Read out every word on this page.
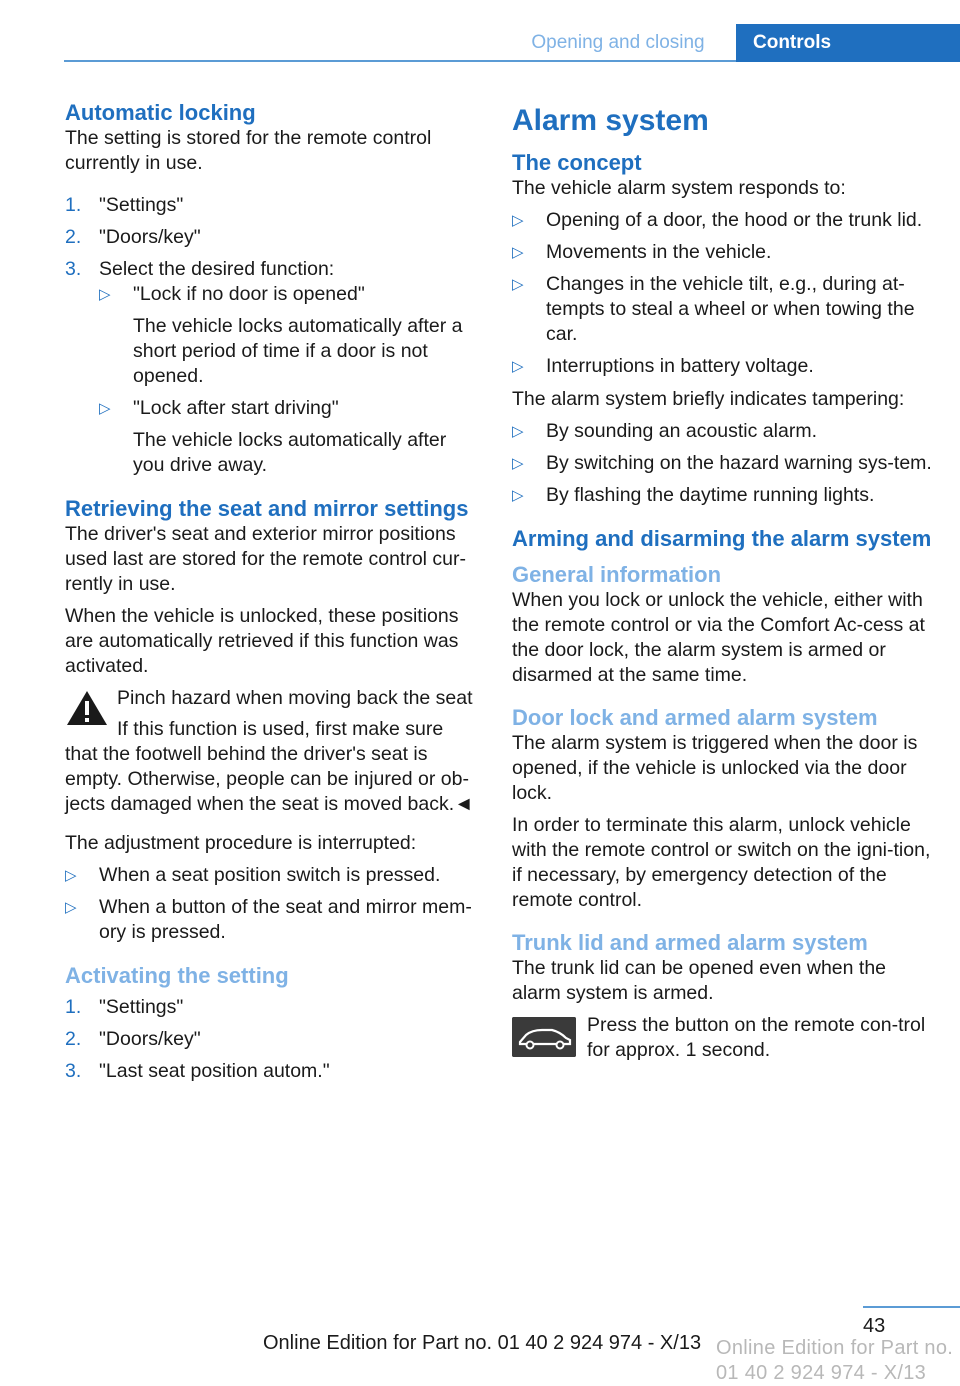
Opening and closing	Controls
Automatic locking

The setting is stored for the remote control currently in use.

1. "Settings"
2. "Doors/key"
3. Select the desired function:
▷ "Lock if no door is opened"
The vehicle locks automatically after a short period of time if a door is not opened.
▷ "Lock after start driving"
The vehicle locks automatically after you drive away.
Retrieving the seat and mirror settings

The driver's seat and exterior mirror positions used last are stored for the remote control cur‐rently in use.

When the vehicle is unlocked, these positions are automatically retrieved if this function was activated.

Pinch hazard when moving back the seat

If this function is used, first make sure that the footwell behind the driver's seat is empty. Otherwise, people can be injured or ob‐jects damaged when the seat is moved back.◄

The adjustment procedure is interrupted:

▷ When a seat position switch is pressed.
▷ When a button of the seat and mirror mem‐ory is pressed.
Activating the setting
1. "Settings"
2. "Doors/key"
3. "Last seat position autom."
Alarm system
The concept

The vehicle alarm system responds to:

▷ Opening of a door, the hood or the trunk lid.
▷ Movements in the vehicle.
▷ Changes in the vehicle tilt, e.g., during at‐tempts to steal a wheel or when towing the car.
▷ Interruptions in battery voltage.

The alarm system briefly indicates tampering:

▷ By sounding an acoustic alarm.
▷ By switching on the hazard warning sys‐tem.
▷ By flashing the daytime running lights.
Arming and disarming the alarm system
General information

When you lock or unlock the vehicle, either with the remote control or via the Comfort Ac‐cess at the door lock, the alarm system is armed or disarmed at the same time.

Door lock and armed alarm system

The alarm system is triggered when the door is opened, if the vehicle is unlocked via the door lock.

In order to terminate this alarm, unlock vehicle with the remote control or switch on the igni‐tion, if necessary, by emergency detection of the remote control.

Trunk lid and armed alarm system

The trunk lid can be opened even when the alarm system is armed.

Press the button on the remote con‐trol for approx. 1 second.

43
Online Edition for Part no. 01 40 2 924 974 - X/13 Online Edition for Part no. 01 40 2 924 974 - X/13
